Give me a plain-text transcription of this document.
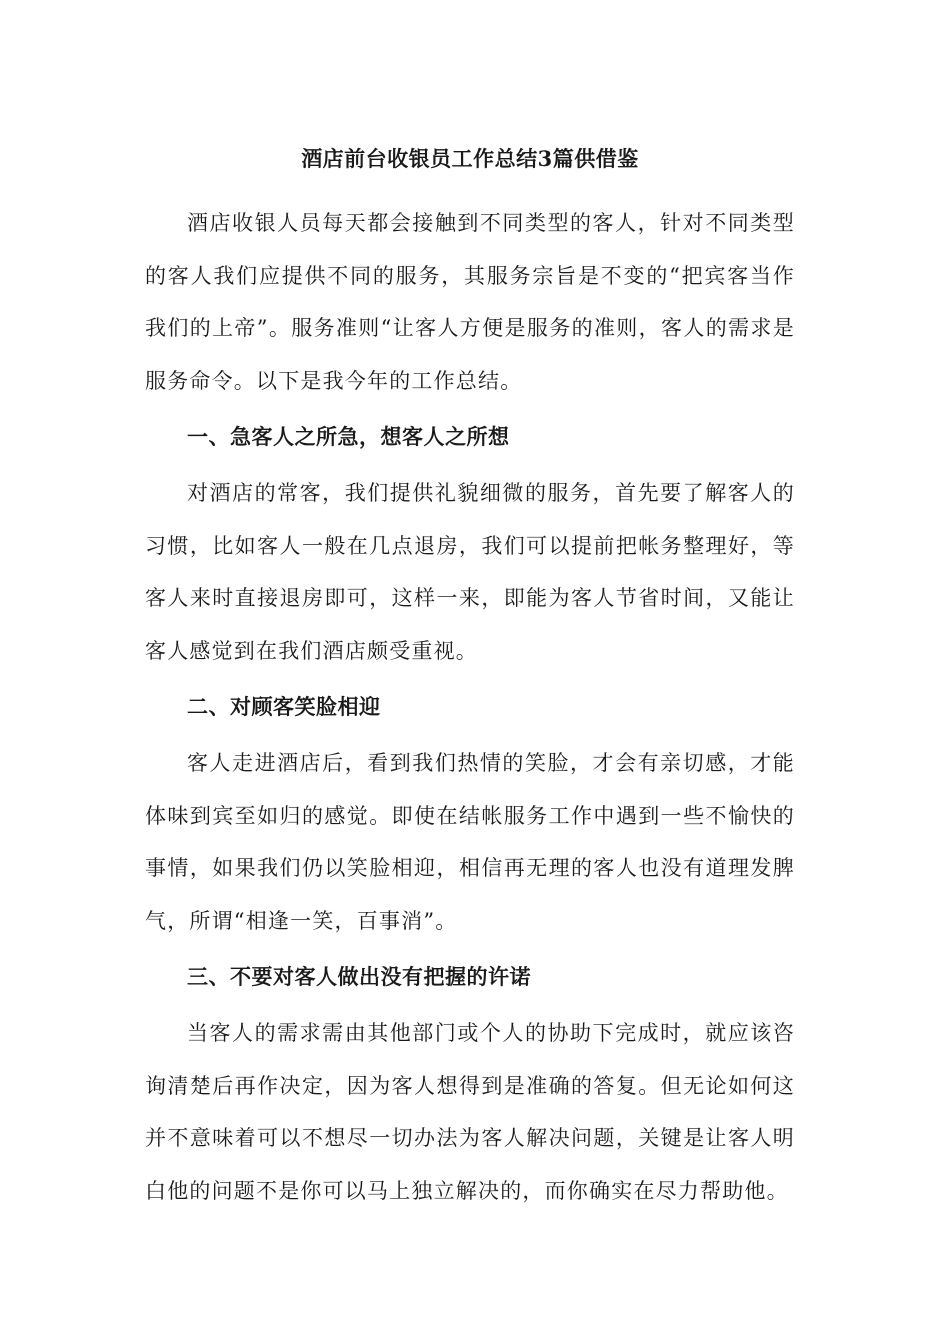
酒店前台收银员工作总结3篇供借鉴

酒店收银人员每天都会接触到不同类型的客人，针对不同类型的客人我们应提供不同的服务，其服务宗旨是不变的“把宾客当作我们的上帝”。服务准则“让客人方便是服务的准则，客人的需求是服务命令。以下是我今年的工作总结。

一、急客人之所急，想客人之所想

对酒店的常客，我们提供礼貌细微的服务，首先要了解客人的习惯，比如客人一般在几点退房，我们可以提前把帐务整理好，等客人来时直接退房即可，这样一来，即能为客人节省时间，又能让客人感觉到在我们酒店颇受重视。

二、对顾客笑脸相迎

客人走进酒店后，看到我们热情的笑脸，才会有亲切感，才能体味到宾至如归的感觉。即使在结帐服务工作中遇到一些不愉快的事情，如果我们仍以笑脸相迎，相信再无理的客人也没有道理发脾气，所谓“相逢一笑，百事消”。

三、不要对客人做出没有把握的许诺

当客人的需求需由其他部门或个人的协助下完成时，就应该咨询清楚后再作决定，因为客人想得到是准确的答复。但无论如何这并不意味着可以不想尽一切办法为客人解决问题，关键是让客人明白他的问题不是你可以马上独立解决的，而你确实在尽力帮助他。
